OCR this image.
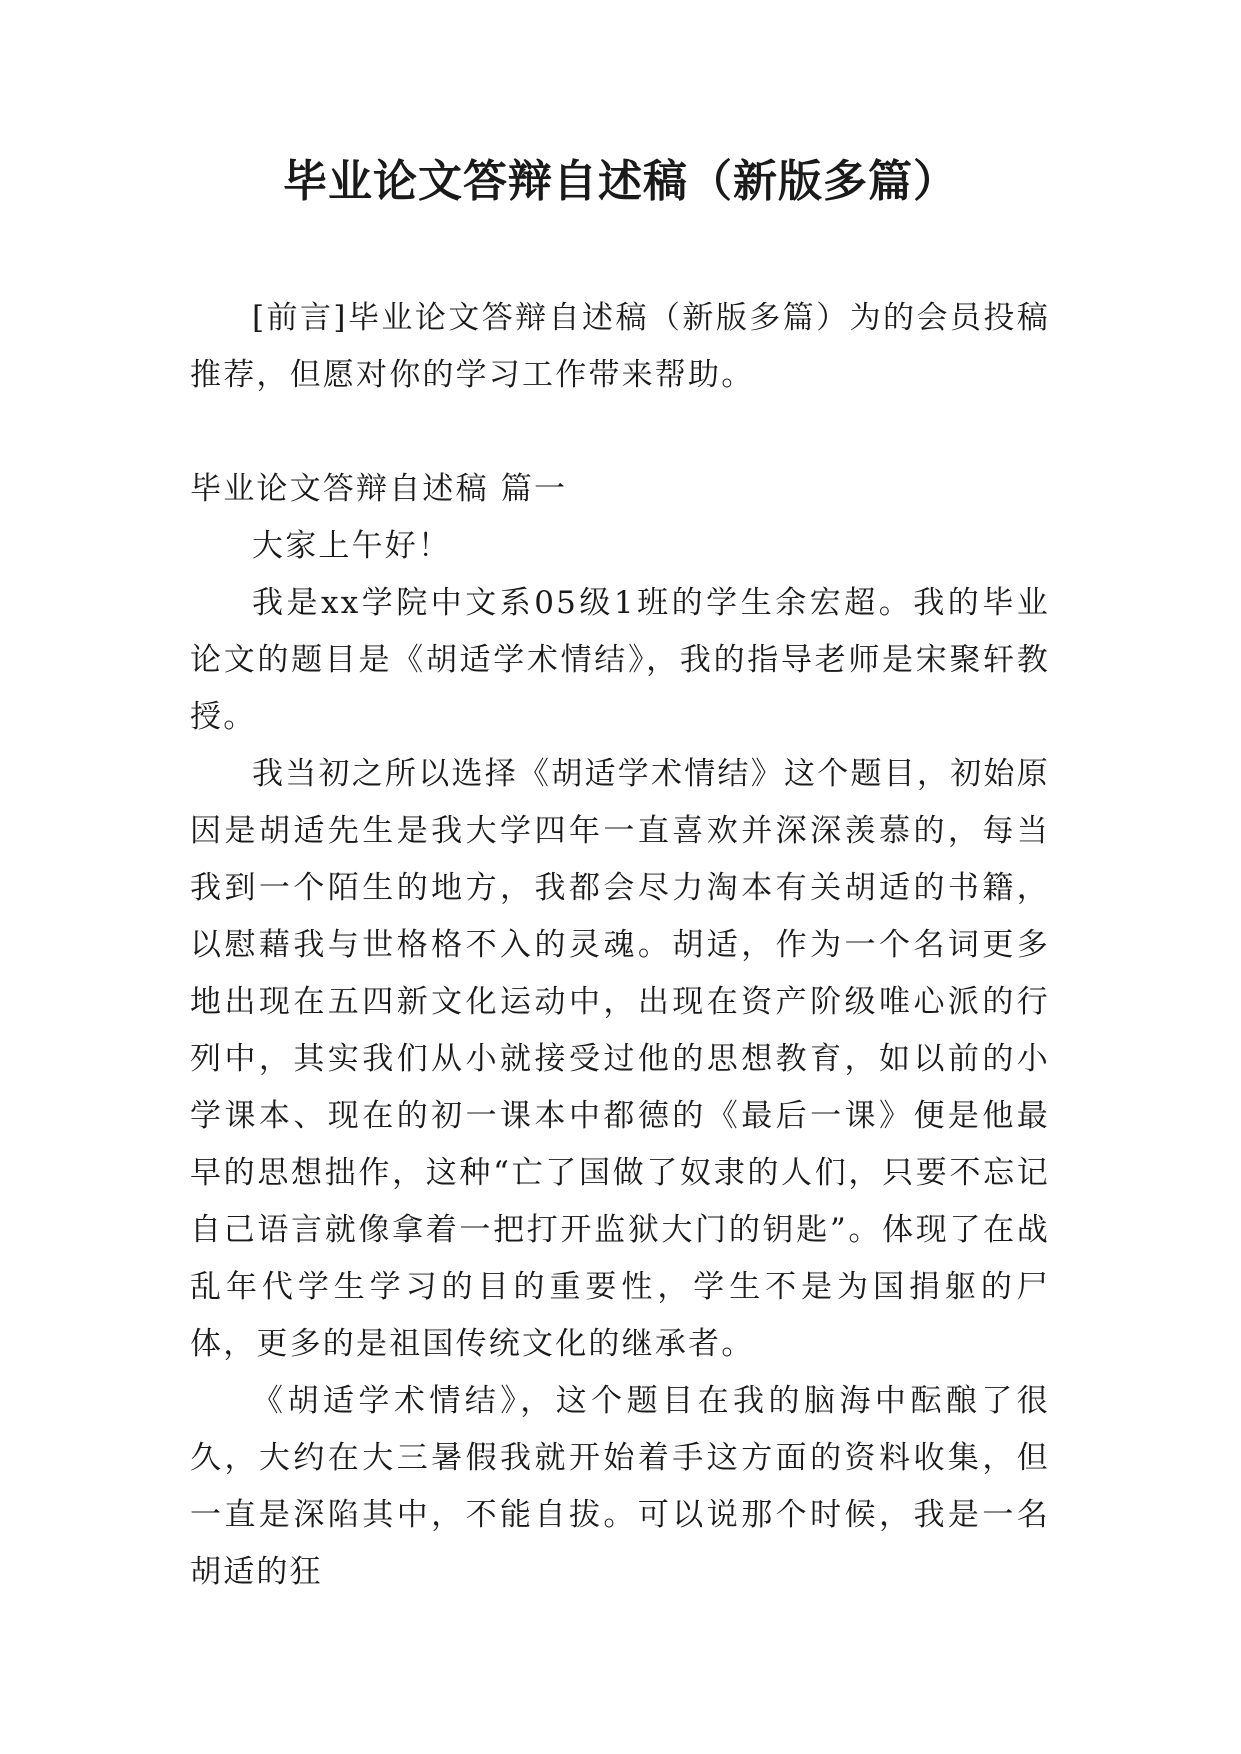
毕业论文答辩自述稿（新版多篇）

[前言]毕业论文答辩自述稿（新版多篇）为的会员投稿推荐，但愿对你的学习工作带来帮助。

毕业论文答辩自述稿 篇一

大家上午好！

我是xx学院中文系05级1班的学生余宏超。我的毕业论文的题目是《胡适学术情结》，我的指导老师是宋聚轩教授。

我当初之所以选择《胡适学术情结》这个题目，初始原因是胡适先生是我大学四年一直喜欢并深深羡慕的，每当我到一个陌生的地方，我都会尽力淘本有关胡适的书籍，以慰藉我与世格格不入的灵魂。胡适，作为一个名词更多地出现在五四新文化运动中，出现在资产阶级唯心派的行列中，其实我们从小就接受过他的思想教育，如以前的小学课本、现在的初一课本中都德的《最后一课》便是他最早的思想拙作，这种“亡了国做了奴隶的人们，只要不忘记自己语言就像拿着一把打开监狱大门的钥匙”。体现了在战乱年代学生学习的目的重要性，学生不是为国捐躯的尸体，更多的是祖国传统文化的继承者。

《胡适学术情结》，这个题目在我的脑海中酝酿了很久，大约在大三暑假我就开始着手这方面的资料收集，但一直是深陷其中，不能自拔。可以说那个时候，我是一名胡适的狂
